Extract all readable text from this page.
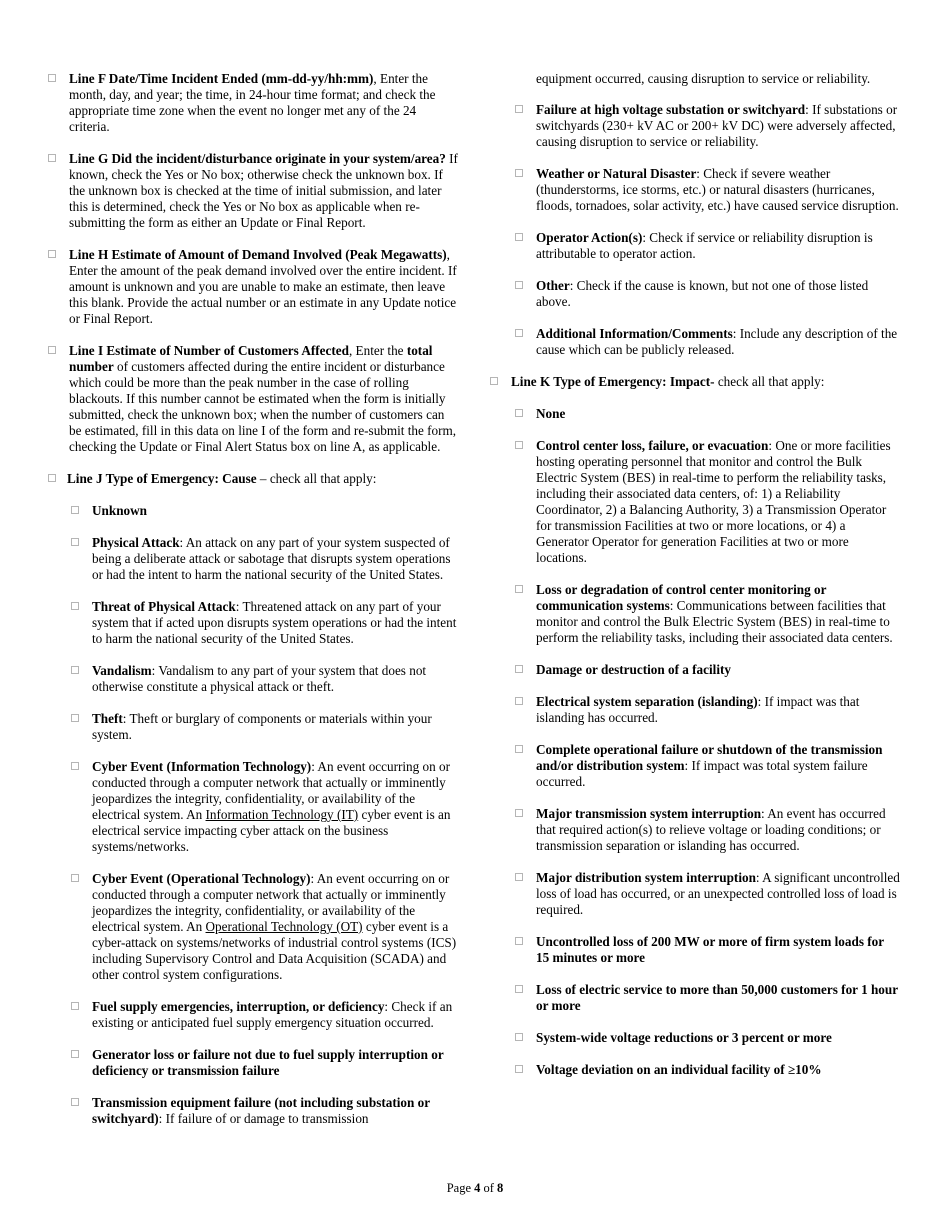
Line F Date/Time Incident Ended (mm-dd-yy/hh:mm), Enter the month, day, and year; the time, in 24-hour time format; and check the appropriate time zone when the event no longer met any of the 24 criteria.
Line G Did the incident/disturbance originate in your system/area? If known, check the Yes or No box; otherwise check the unknown box. If the unknown box is checked at the time of initial submission, and later this is determined, check the Yes or No box as applicable when re-submitting the form as either an Update or Final Report.
Line H Estimate of Amount of Demand Involved (Peak Megawatts), Enter the amount of the peak demand involved over the entire incident. If amount is unknown and you are unable to make an estimate, then leave this blank. Provide the actual number or an estimate in any Update notice or Final Report.
Line I Estimate of Number of Customers Affected, Enter the total number of customers affected during the entire incident or disturbance which could be more than the peak number in the case of rolling blackouts. If this number cannot be estimated when the form is initially submitted, check the unknown box; when the number of customers can be estimated, fill in this data on line I of the form and re-submit the form, checking the Update or Final Alert Status box on line A, as applicable.
Line J Type of Emergency: Cause – check all that apply:
Unknown
Physical Attack: An attack on any part of your system suspected of being a deliberate attack or sabotage that disrupts system operations or had the intent to harm the national security of the United States.
Threat of Physical Attack: Threatened attack on any part of your system that if acted upon disrupts system operations or had the intent to harm the national security of the United States.
Vandalism: Vandalism to any part of your system that does not otherwise constitute a physical attack or theft.
Theft: Theft or burglary of components or materials within your system.
Cyber Event (Information Technology): An event occurring on or conducted through a computer network that actually or imminently jeopardizes the integrity, confidentiality, or availability of the electrical system. An Information Technology (IT) cyber event is an electrical service impacting cyber attack on the business systems/networks.
Cyber Event (Operational Technology): An event occurring on or conducted through a computer network that actually or imminently jeopardizes the integrity, confidentiality, or availability of the electrical system. An Operational Technology (OT) cyber event is a cyber-attack on systems/networks of industrial control systems (ICS) including Supervisory Control and Data Acquisition (SCADA) and other control system configurations.
Fuel supply emergencies, interruption, or deficiency: Check if an existing or anticipated fuel supply emergency situation occurred.
Generator loss or failure not due to fuel supply interruption or deficiency or transmission failure
Transmission equipment failure (not including substation or switchyard): If failure of or damage to transmission
equipment occurred, causing disruption to service or reliability.
Failure at high voltage substation or switchyard: If substations or switchyards (230+ kV AC or 200+ kV DC) were adversely affected, causing disruption to service or reliability.
Weather or Natural Disaster: Check if severe weather (thunderstorms, ice storms, etc.) or natural disasters (hurricanes, floods, tornadoes, solar activity, etc.) have caused service disruption.
Operator Action(s): Check if service or reliability disruption is attributable to operator action.
Other: Check if the cause is known, but not one of those listed above.
Additional Information/Comments: Include any description of the cause which can be publicly released.
Line K Type of Emergency: Impact- check all that apply:
None
Control center loss, failure, or evacuation: One or more facilities hosting operating personnel that monitor and control the Bulk Electric System (BES) in real-time to perform the reliability tasks, including their associated data centers, of: 1) a Reliability Coordinator, 2) a Balancing Authority, 3) a Transmission Operator for transmission Facilities at two or more locations, or 4) a Generator Operator for generation Facilities at two or more locations.
Loss or degradation of control center monitoring or communication systems: Communications between facilities that monitor and control the Bulk Electric System (BES) in real-time to perform the reliability tasks, including their associated data centers.
Damage or destruction of a facility
Electrical system separation (islanding): If impact was that islanding has occurred.
Complete operational failure or shutdown of the transmission and/or distribution system: If impact was total system failure occurred.
Major transmission system interruption: An event has occurred that required action(s) to relieve voltage or loading conditions; or transmission separation or islanding has occurred.
Major distribution system interruption: A significant uncontrolled loss of load has occurred, or an unexpected controlled loss of load is required.
Uncontrolled loss of 200 MW or more of firm system loads for 15 minutes or more
Loss of electric service to more than 50,000 customers for 1 hour or more
System-wide voltage reductions or 3 percent or more
Voltage deviation on an individual facility of ≥10%
Page 4 of 8
